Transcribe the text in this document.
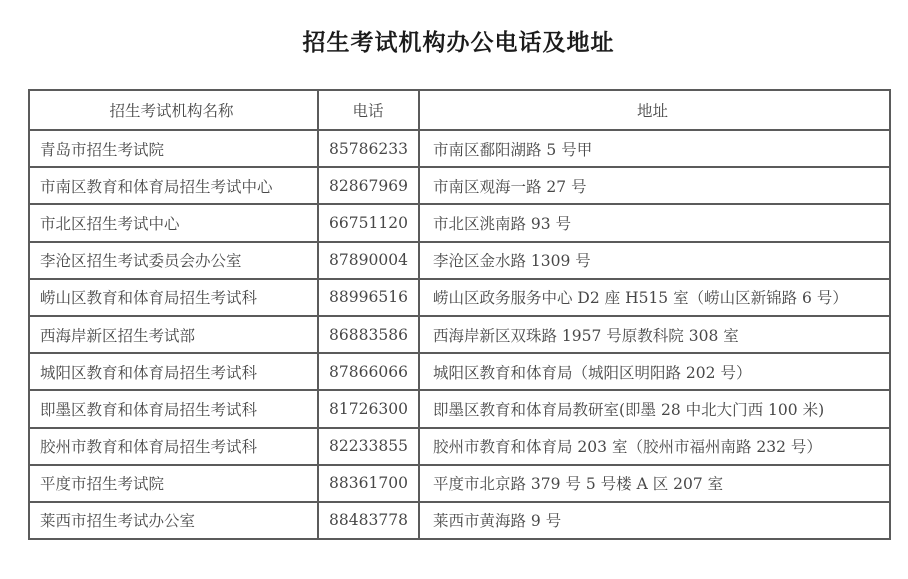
招生考试机构办公电话及地址
招生考试机构名称	电话	地址
青岛市招生考试院	85786233	市南区鄱阳湖路 5 号甲
市南区教育和体育局招生考试中心	82867969	市南区观海一路 27 号
市北区招生考试中心	66751120	市北区洮南路 93 号
李沧区招生考试委员会办公室	87890004	李沧区金水路 1309 号
崂山区教育和体育局招生考试科	88996516	崂山区政务服务中心 D2 座 H515 室（崂山区新锦路 6 号）
西海岸新区招生考试部	86883586	西海岸新区双珠路 1957 号原教科院 308 室
城阳区教育和体育局招生考试科	87866066	城阳区教育和体育局（城阳区明阳路 202 号）
即墨区教育和体育局招生考试科	81726300	即墨区教育和体育局教研室(即墨 28 中北大门西 100 米)
胶州市教育和体育局招生考试科	82233855	胶州市教育和体育局 203 室（胶州市福州南路 232 号）
平度市招生考试院	88361700	平度市北京路 379 号 5 号楼 A 区 207 室
莱西市招生考试办公室	88483778	莱西市黄海路 9 号
